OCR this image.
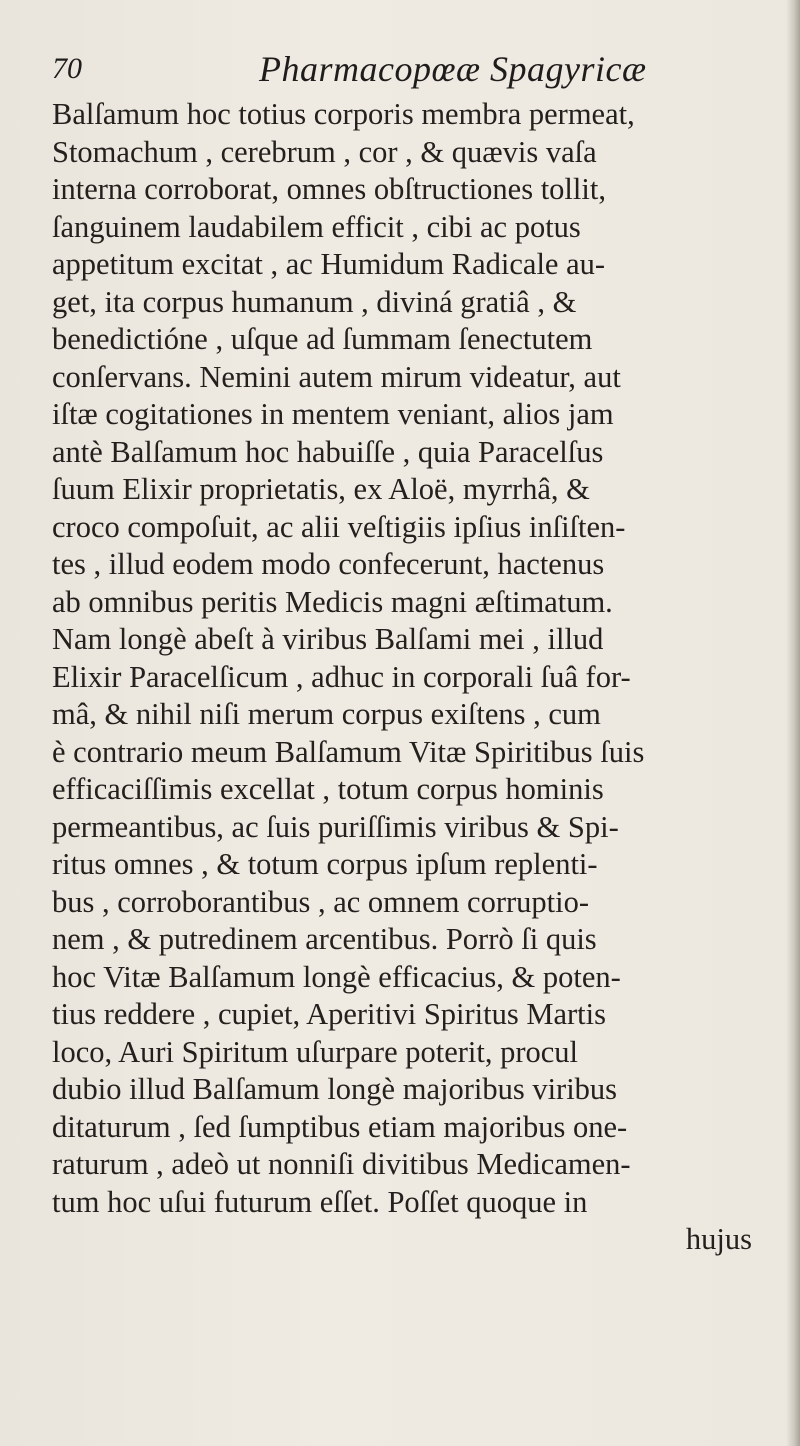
70	Pharmacopœæ Spagyricæ
Balſamum hoc totius corporis membra permeat,
Stomachum , cerebrum , cor , & quævis vaſa
interna corroborat, omnes obſtructiones tollit,
ſanguinem laudabilem efficit , cibi ac potus
appetitum excitat , ac Humidum Radicale au-
get, ita corpus humanum , diviná gratiâ , &
benedictióne , uſque ad ſummam ſenectutem
conſervans. Nemini autem mirum videatur, aut
iſtæ cogitationes in mentem veniant, alios jam
antè Balſamum hoc habuiſſe , quia Paracelſus
ſuum Elixir proprietatis, ex Aloë, myrrhâ, &
croco compoſuit, ac alii veſtigiis ipſius inſiſten-
tes , illud eodem modo confecerunt, hactenus
ab omnibus peritis Medicis magni æſtimatum.
Nam longè abeſt à viribus Balſami mei , illud
Elixir Paracelſicum , adhuc in corporali ſuâ for-
mâ, & nihil niſi merum corpus exiſtens , cum
è contrario meum Balſamum Vitæ Spiritibus ſuis
efficaciſſimis excellat , totum corpus hominis
permeantibus, ac ſuis puriſſimis viribus & Spi-
ritus omnes , & totum corpus ipſum replenti-
bus , corroborantibus , ac omnem corruptio-
nem , & putredinem arcentibus. Porrò ſi quis
hoc Vitæ Balſamum longè efficacius, & poten-
tius reddere , cupiet, Aperitivi Spiritus Martis
loco, Auri Spiritum uſurpare poterit, procul
dubio illud Balſamum longè majoribus viribus
ditaturum , ſed ſumptibus etiam majoribus one-
raturum , adeò ut nonniſi divitibus Medicamen-
tum hoc uſui futurum eſſet. Poſſet quoque in
hujus
